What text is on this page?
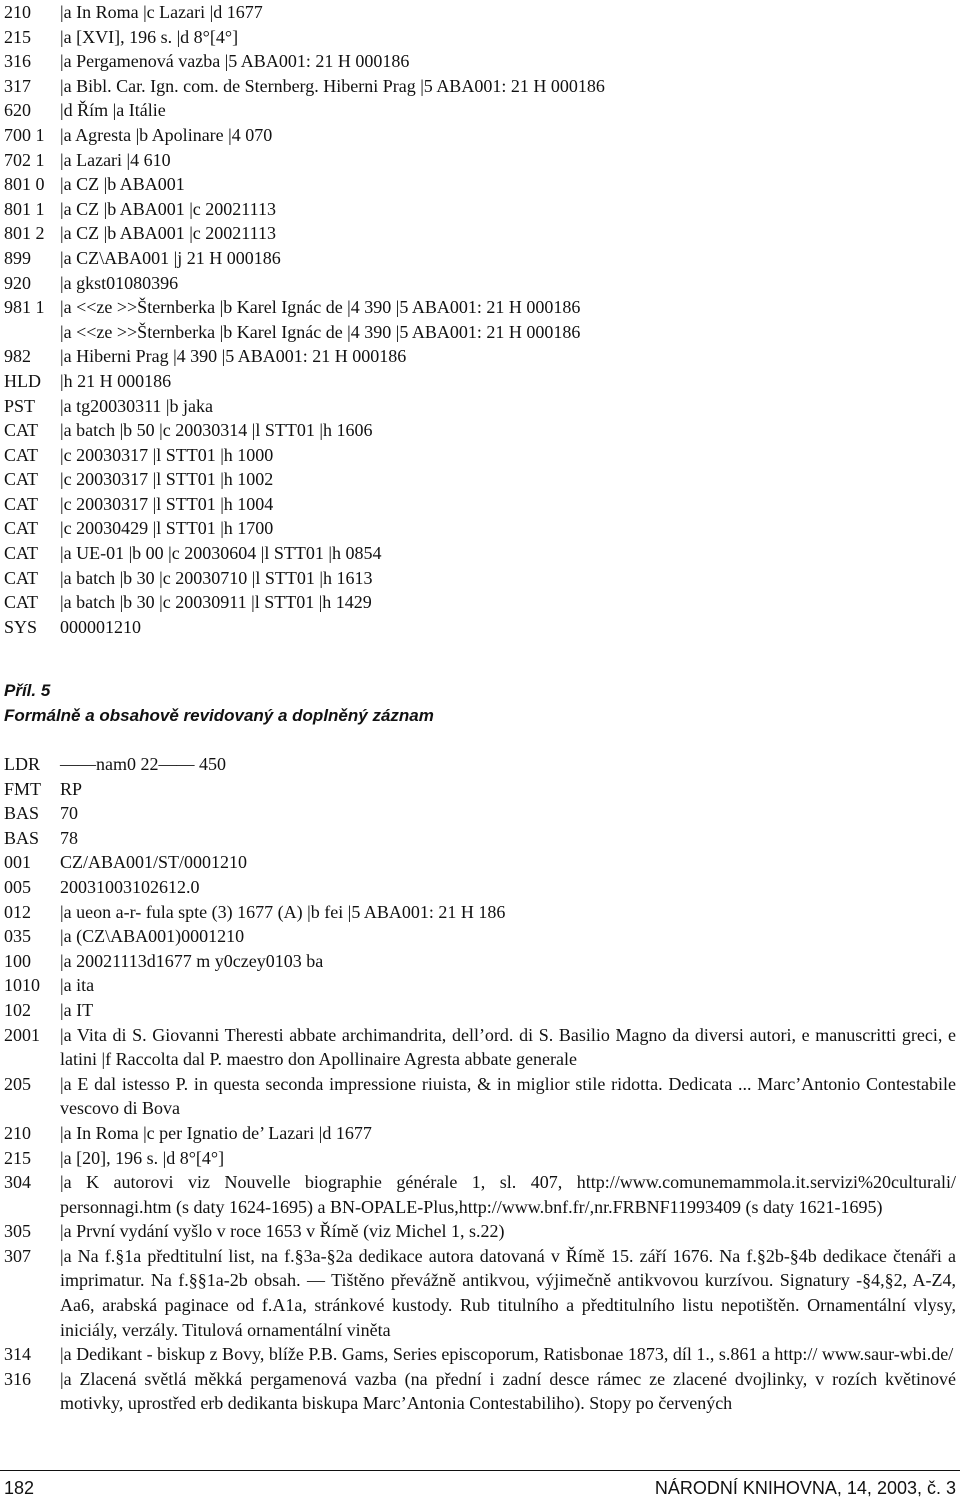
210	|a In Roma |c Lazari |d 1677
215	|a [XVI], 196 s. |d 8°[4°]
316	|a Pergamenová vazba |5 ABA001: 21 H 000186
317	|a Bibl. Car. Ign. com. de Sternberg. Hiberni Prag |5 ABA001: 21 H 000186
620	|d Řím |a Itálie
700 1 |a Agresta |b Apolinare |4 070
702 1 |a Lazari |4 610
801 0 |a CZ |b ABA001
801 1 |a CZ |b ABA001 |c 20021113
801 2 |a CZ |b ABA001 |c 20021113
899	|a CZ\ABA001 |j 21 H 000186
920	|a gkst01080396
981 1 |a <<ze >>Šternberka |b Karel Ignác de |4 390 |5 ABA001: 21 H 000186
|a <<ze >>Šternberka |b Karel Ignác de |4 390 |5 ABA001: 21 H 000186
982	|a Hiberni Prag |4 390 |5 ABA001: 21 H 000186
HLD	|h 21 H 000186
PST	|a tg20030311 |b jaka
CAT	|a batch |b 50 |c 20030314 |l STT01 |h 1606
CAT	|c 20030317 |l STT01 |h 1000
CAT	|c 20030317 |l STT01 |h 1002
CAT	|c 20030317 |l STT01 |h 1004
CAT	|c 20030429 |l STT01 |h 1700
CAT	|a UE-01 |b 00 |c 20030604 |l STT01 |h 0854
CAT	|a batch |b 30 |c 20030710 |l STT01 |h 1613
CAT	|a batch |b 30 |c 20030911 |l STT01 |h 1429
SYS	000001210
Příl. 5
Formálně a obsahově revidovaný a doplněný záznam
LDR	——nam0 22—— 450
FMT	RP
BAS	70
BAS	78
001	CZ/ABA001/ST/0001210
005	20031003102612.0
012	|a ueon a-r- fula spte (3) 1677 (A) |b fei |5 ABA001: 21 H 186
035	|a (CZ\ABA001)0001210
100	|a 20021113d1677 m y0czey0103 ba
1010	|a ita
102	|a IT
2001	|a Vita di S. Giovanni Theresti abbate archimandrita, dell’ord. di S. Basilio Magno da diversi autori, e manuscritti greci, e latini |f Raccolta dal P. maestro don Apollinaire Agresta abbate generale
205	|a E dal istesso P. in questa seconda impressione riuista, & in miglior stile ridotta. Dedicata ... Marc’Antonio Contestabile vescovo di Bova
210	|a In Roma |c per Ignatio de’ Lazari |d 1677
215	|a [20], 196 s. |d 8°[4°]
304	|a K autorovi viz Nouvelle biographie générale 1, sl. 407, http://www.comunemammola.it.servizi%20culturali/ personnagi.htm (s daty 1624-1695) a BN-OPALE-Plus,http://www.bnf.fr/,nr.FRBNF11993409 (s daty 1621-1695)
305	|a První vydání vyšlo v roce 1653 v Římě (viz Michel 1, s.22)
307	|a Na f.§1a předtitulní list, na f.§3a-§2a dedikace autora datovaná v Římě 15. září 1676. Na f.§2b-§4b dedikace čtenáři a imprimatur. Na f.§§1a-2b obsah. — Tištěno převážně antikvou, výjimečně antikvovou kurzívou. Signatury -§4,§2, A-Z4, Aa6, arabská paginace od f.A1a, stránkové kustody. Rub titulního a předtitulního listu nepotištěn. Ornamentální vlysy, iniciály, verzály. Titulová ornamentální viněta
314	|a Dedikant - biskup z Bovy, blíže P.B. Gams, Series episcoporum, Ratisbonae 1873, díl 1., s.861 a http:// www.saur-wbi.de/
316	|a Zlacená světlá měkká pergamenová vazba (na přední i zadní desce rámec ze zlacené dvojlinky, v rozích květinové motivky, uprostřed erb dedikanta biskupa Marc’Antonia Contestabiliho). Stopy po červených
182	NÁRODNÍ KNIHOVNA, 14, 2003, č. 3
